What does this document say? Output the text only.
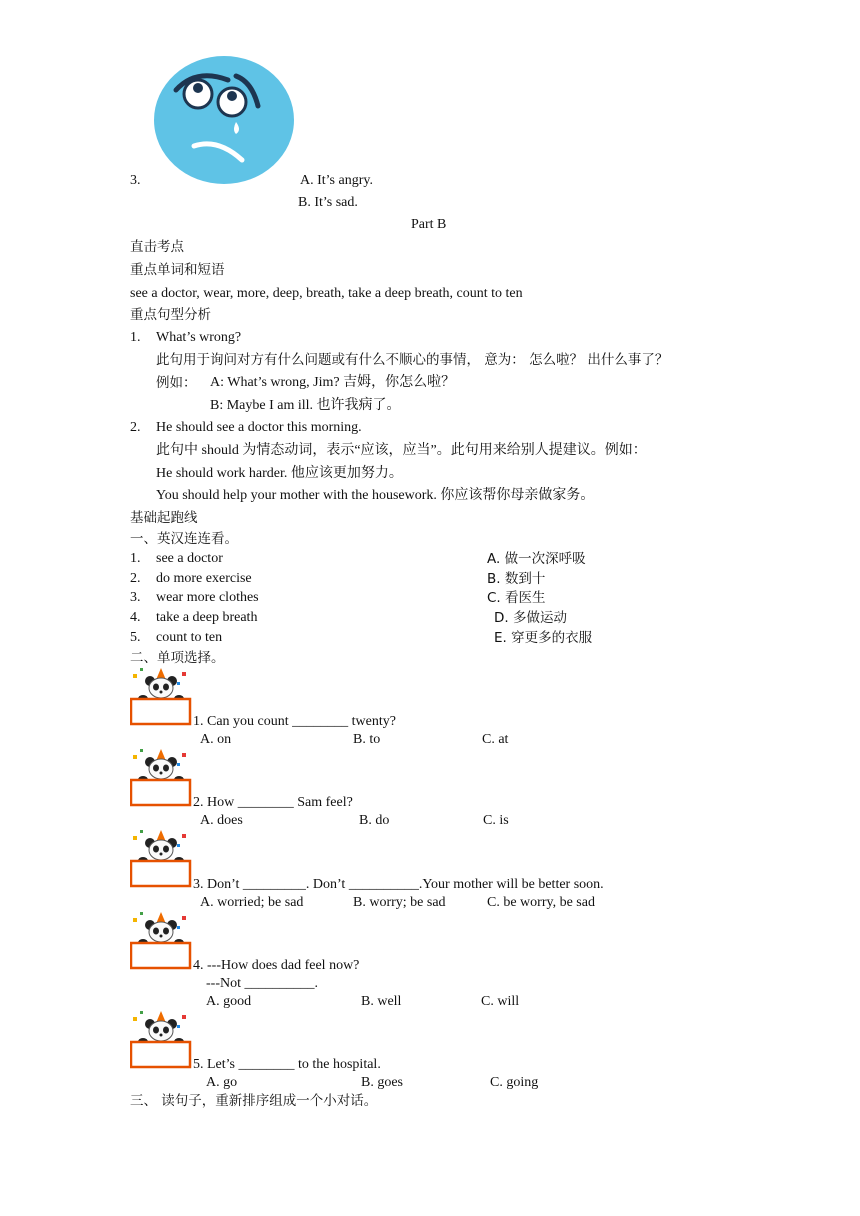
3.	A. It’s angry.
B. It’s sad.
Part B
直击考点
重点单词和短语
see a doctor, wear, more, deep, breath, take a deep breath, count to ten
重点句型分析
1. What’s wrong?
此句用于询问对方有什么问题或有什么不顺心的事情， 意为： 怎么啦？ 出什么事了？
例如： A: What’s wrong, Jim? 吉姆，你怎么啦？
B: Maybe I am ill. 也许我病了。
2. He should see a doctor this morning.
此句中 should 为情态动词，表示“应该，应当”。此句用来给别人提建议。例如：
He should work harder. 他应该更加努力。
You should help your mother with the housework. 你应该帮你母亲做家务。
基础起跑线
一、英汉连连看。
1. see a doctor	A. 做一次深呼吸
2. do more exercise	B. 数到十
3. wear more clothes	C. 看医生
4. take a deep breath	D. 多做运动
5. count to ten	E. 穿更多的衣服
二、单项选择。
1. Can you count ________ twenty?
A. on	B. to	C. at
2. How ________ Sam feel?
A. does	B. do	C. is
3. Don’t _________. Don’t __________.Your mother will be better soon.
A. worried; be sad	B. worry; be sad	C. be worry, be sad
4. ---How does dad feel now?
---Not __________.
A. good	B. well	C. will
5. Let’s ________ to the hospital.
A. go	B. goes	C. going
三、 读句子，重新排序组成一个小对话。
